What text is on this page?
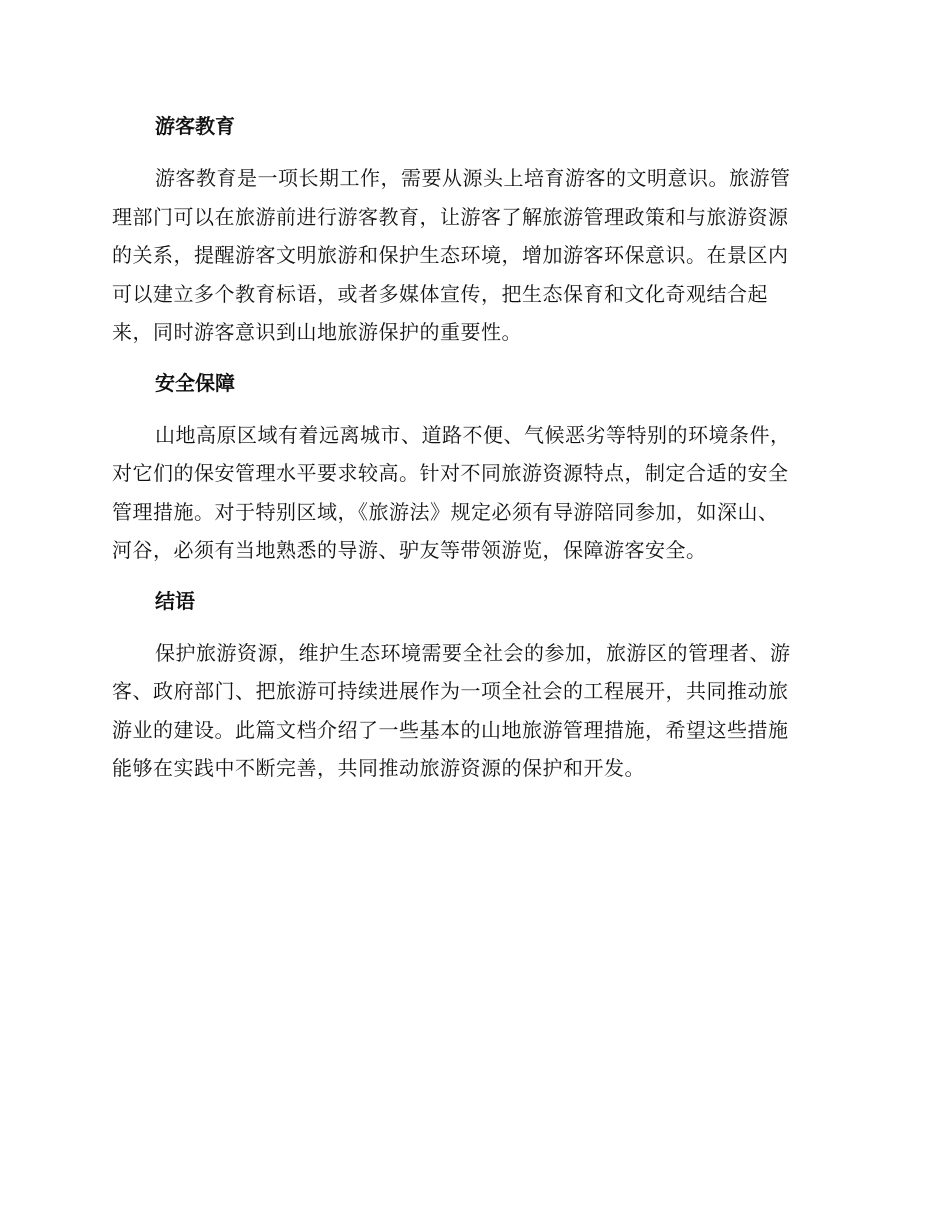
游客教育

游客教育是一项长期工作，需要从源头上培育游客的文明意识。旅游管
理部门可以在旅游前进行游客教育，让游客了解旅游管理政策和与旅游资源
的关系，提醒游客文明旅游和保护生态环境，增加游客环保意识。在景区内
可以建立多个教育标语，或者多媒体宣传，把生态保育和文化奇观结合起
来，同时游客意识到山地旅游保护的重要性。

安全保障

山地高原区域有着远离城市、道路不便、气候恶劣等特别的环境条件，
对它们的保安管理水平要求较高。针对不同旅游资源特点，制定合适的安全
管理措施。对于特别区域，《旅游法》规定必须有导游陪同参加，如深山、
河谷，必须有当地熟悉的导游、驴友等带领游览，保障游客安全。

结语

保护旅游资源，维护生态环境需要全社会的参加，旅游区的管理者、游
客、政府部门、把旅游可持续进展作为一项全社会的工程展开，共同推动旅
游业的建设。此篇文档介绍了一些基本的山地旅游管理措施，希望这些措施
能够在实践中不断完善，共同推动旅游资源的保护和开发。
